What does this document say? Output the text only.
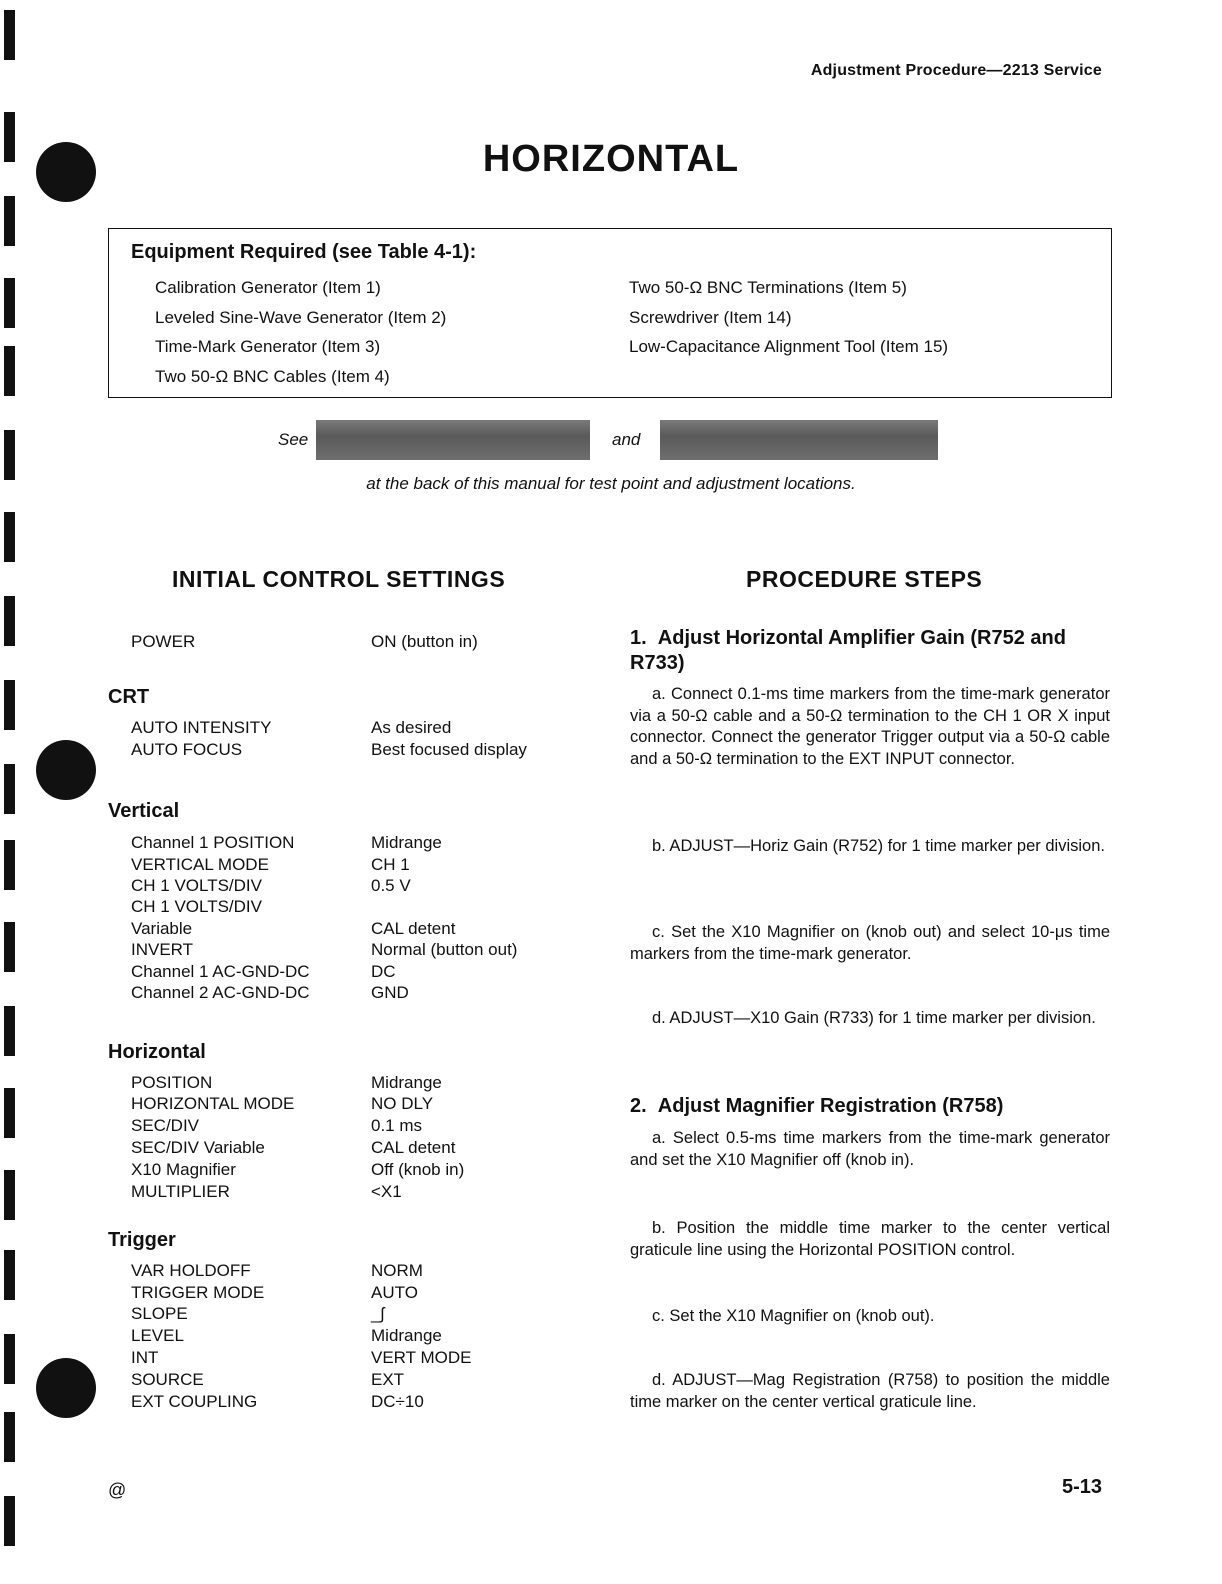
Adjustment Procedure—2213 Service
HORIZONTAL
Equipment Required (see Table 4-1):
Calibration Generator (Item 1)
Leveled Sine-Wave Generator (Item 2)
Time-Mark Generator (Item 3)
Two 50-Ω BNC Cables (Item 4)
Two 50-Ω BNC Terminations (Item 5)
Screwdriver (Item 14)
Low-Capacitance Alignment Tool (Item 15)
See	and
at the back of this manual for test point and adjustment locations.
INITIAL CONTROL SETTINGS	PROCEDURE STEPS
POWER	ON (button in)
CRT
AUTO INTENSITY	As desired
AUTO FOCUS	Best focused display
Vertical
Channel 1 POSITION	Midrange
VERTICAL MODE	CH 1
CH 1 VOLTS/DIV	0.5 V
CH 1 VOLTS/DIV
Variable	CAL detent
INVERT	Normal (button out)
Channel 1 AC-GND-DC	DC
Channel 2 AC-GND-DC	GND
Horizontal
POSITION	Midrange
HORIZONTAL MODE	NO DLY
SEC/DIV	0.1 ms
SEC/DIV Variable	CAL detent
X10 Magnifier	Off (knob in)
MULTIPLIER	<X1
Trigger
VAR HOLDOFF	NORM
TRIGGER MODE	AUTO
SLOPE	_ʃ
LEVEL	Midrange
INT	VERT MODE
SOURCE	EXT
EXT COUPLING	DC÷10

1.  Adjust Horizontal Amplifier Gain (R752 and R733)

a. Connect 0.1-ms time markers from the time-mark generator via a 50-Ω cable and a 50-Ω termination to the CH 1 OR X input connector. Connect the generator Trigger output via a 50-Ω cable and a 50-Ω termination to the EXT INPUT connector.

b. ADJUST—Horiz Gain (R752) for 1 time marker per division.

c. Set the X10 Magnifier on (knob out) and select 10-μs time markers from the time-mark generator.

d. ADJUST—X10 Gain (R733) for 1 time marker per division.

2.  Adjust Magnifier Registration (R758)

a. Select 0.5-ms time markers from the time-mark generator and set the X10 Magnifier off (knob in).

b. Position the middle time marker to the center vertical graticule line using the Horizontal POSITION control.

c. Set the X10 Magnifier on (knob out).

d. ADJUST—Mag Registration (R758) to position the middle time marker on the center vertical graticule line.

@	5-13
